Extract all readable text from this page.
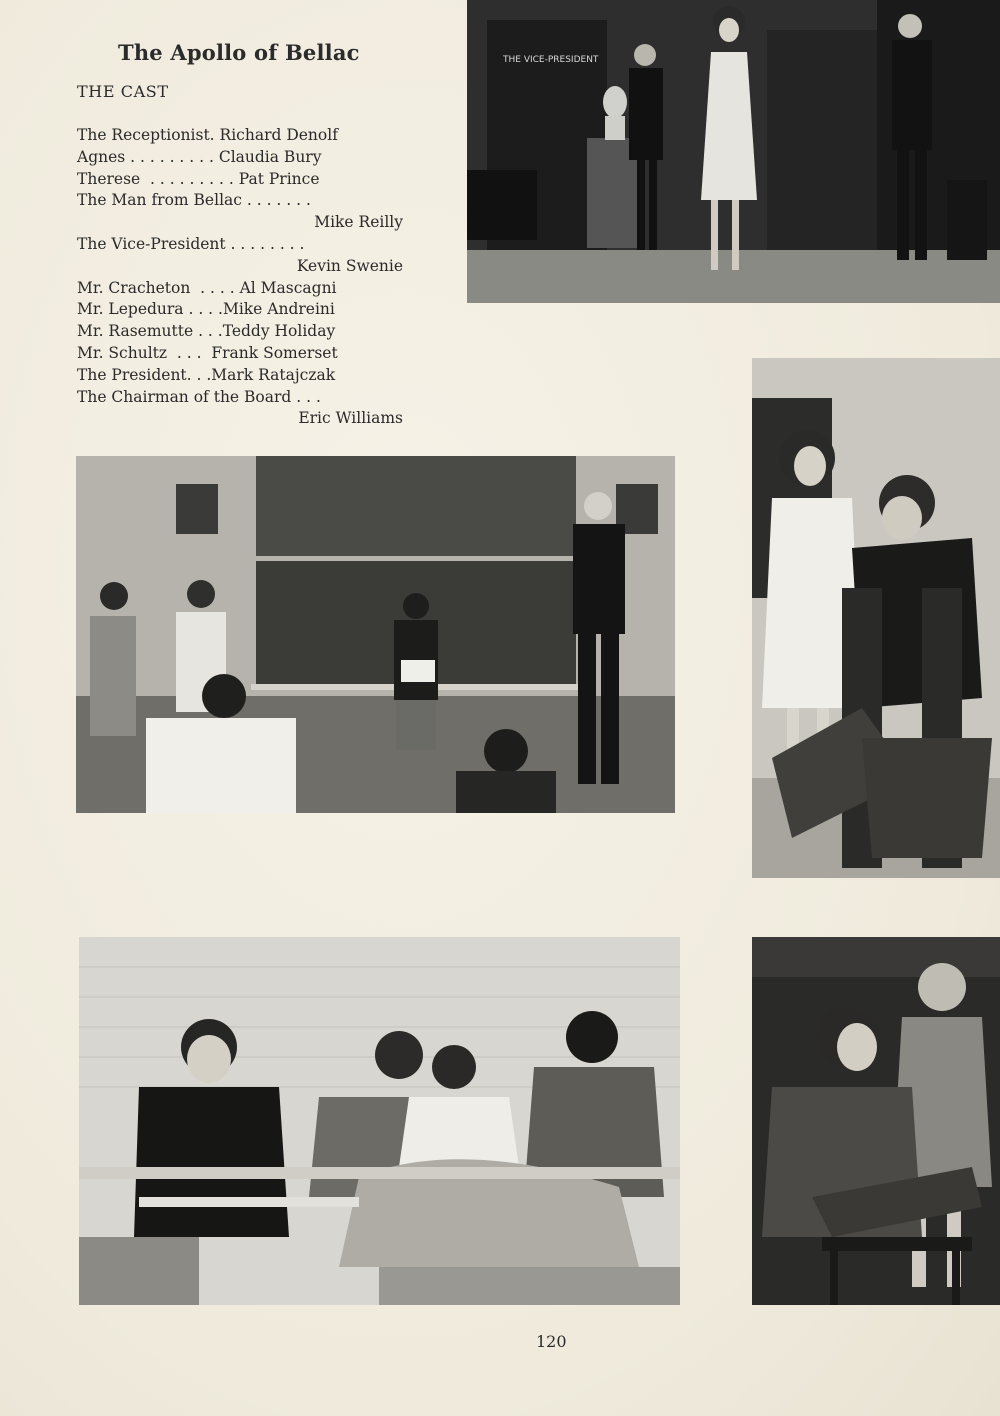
The Apollo of Bellac
THE CAST
The Receptionist. Richard Denolf
Agnes . . . . . . . . . Claudia Bury
Therese  . . . . . . . . . Pat Prince
The Man from Bellac . . . . . . .
Mike Reilly
The Vice-President . . . . . . . .
Kevin Swenie
Mr. Cracheton  . . . . Al Mascagni
Mr. Lepedura . . . .Mike Andreini
Mr. Rasemutte . . .Teddy Holiday
Mr. Schultz  . . .  Frank Somerset
The President. . .Mark Ratajczak
The Chairman of the Board . . .
Eric Williams
THE VICE-PRESIDENT
120
